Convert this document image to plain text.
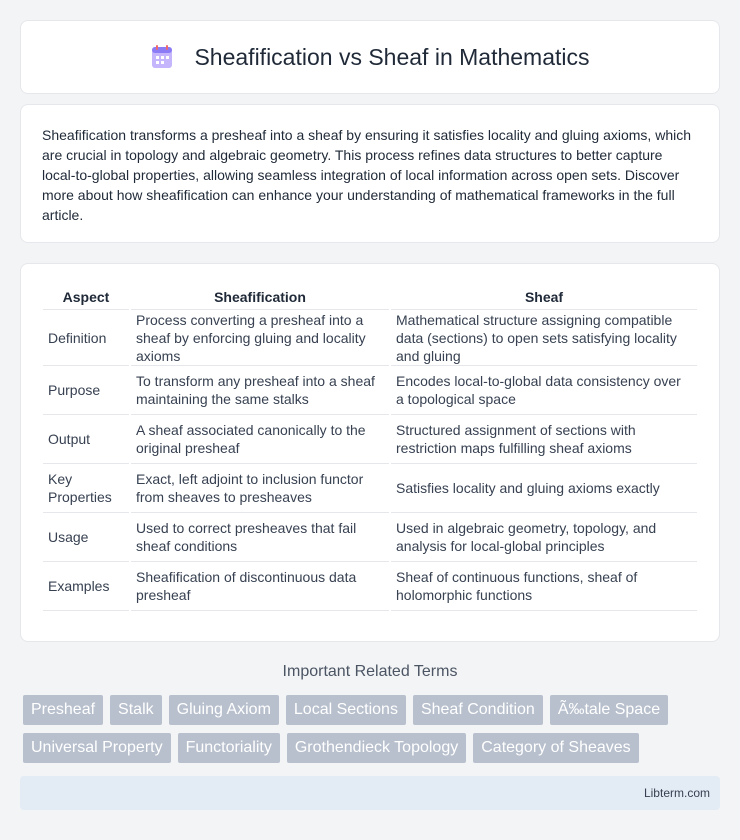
Sheafification vs Sheaf in Mathematics

Sheafification transforms a presheaf into a sheaf by ensuring it satisfies locality and gluing axioms, which are crucial in topology and algebraic geometry. This process refines data structures to better capture local-to-global properties, allowing seamless integration of local information across open sets. Discover more about how sheafification can enhance your understanding of mathematical frameworks in the full article.

Aspect	Sheafification	Sheaf
Definition	Process converting a presheaf into a sheaf by enforcing gluing and locality axioms	Mathematical structure assigning compatible data (sections) to open sets satisfying locality and gluing
Purpose	To transform any presheaf into a sheaf maintaining the same stalks	Encodes local-to-global data consistency over a topological space
Output	A sheaf associated canonically to the original presheaf	Structured assignment of sections with restriction maps fulfilling sheaf axioms
Key Properties	Exact, left adjoint to inclusion functor from sheaves to presheaves	Satisfies locality and gluing axioms exactly
Usage	Used to correct presheaves that fail sheaf conditions	Used in algebraic geometry, topology, and analysis for local-global principles
Examples	Sheafification of discontinuous data presheaf	Sheaf of continuous functions, sheaf of holomorphic functions
Important Related Terms
Presheaf	Stalk	Gluing Axiom	Local Sections	Sheaf Condition	Ã‰tale Space
Universal Property	Functoriality	Grothendieck Topology	Category of Sheaves
Libterm.com
